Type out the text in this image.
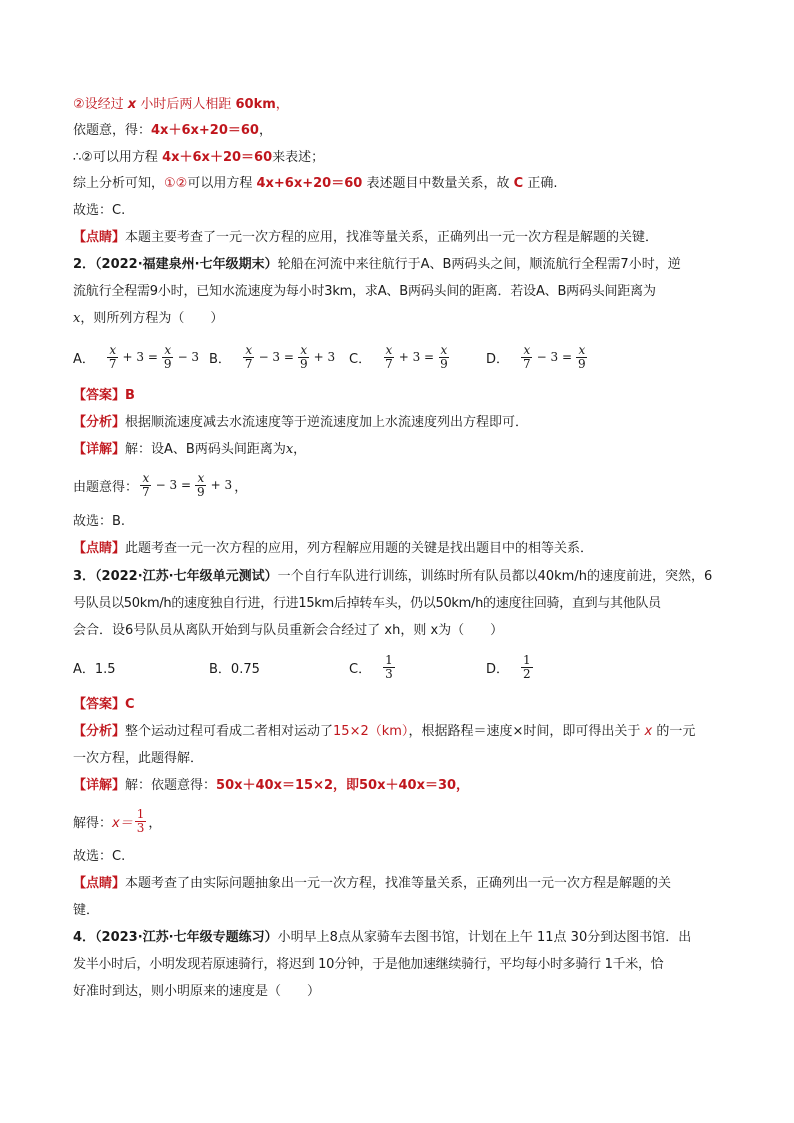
②设经过 x 小时后两人相距 60km，
依题意，得：4x＋6x+20＝60，
∴②可以用方程 4x＋6x＋20＝60来表述；
综上分析可知，①②可以用方程 4x+6x+20＝60 表述题目中数量关系，故 C 正确.
故选：C.
【点睛】本题主要考查了一元一次方程的应用，找准等量关系，正确列出一元一次方程是解题的关键．
2．（2022·福建泉州·七年级期末）轮船在河流中来往航行于A、B两码头之间，顺流航行全程需7小时，逆
流航行全程需9小时，已知水流速度为每小时3km，求A、B两码头间的距离．若设A、B两码头间距离为
x，则所列方程为（　　）
A． $\frac{x}{7} + 3 = \frac{x}{9} - 3$ B． $\frac{x}{7} - 3 = \frac{x}{9} + 3$ C． $\frac{x}{7} + 3 = \frac{x}{9}$	D． $\frac{x}{7} - 3 = \frac{x}{9}$
【答案】B
【分析】根据顺流速度减去水流速度等于逆流速度加上水流速度列出方程即可．
【详解】解：设A、B两码头间距离为x，
由题意得： $\frac{x}{7} - 3 = \frac{x}{9} + 3$ ，
故选：B.
【点睛】此题考查一元一次方程的应用，列方程解应用题的关键是找出题目中的相等关系．
3．（2022·江苏·七年级单元测试）一个自行车队进行训练，训练时所有队员都以40km/h的速度前进，突然，6
号队员以50km/h的速度独自行进，行进15km后掉转车头，仍以50km/h的速度往回骑，直到与其他队员
会合．设6号队员从离队开始到与队员重新会合经过了 xh，则 x为（　　）
A．1.5	B．0.75	C． $\frac{1}{3}$	D． $\frac{1}{2}$
【答案】C
【分析】整个运动过程可看成二者相对运动了15×2（km），根据路程＝速度×时间，即可得出关于 x 的一元
一次方程，此题得解．
【详解】解：依题意得：50x＋40x＝15×2，即50x＋40x＝30，
解得： $x= \frac{1}{3}$ ，
故选：C.
【点睛】本题考查了由实际问题抽象出一元一次方程，找准等量关系，正确列出一元一次方程是解题的关
键．
4．（2023·江苏·七年级专题练习）小明早上8点从家骑车去图书馆，计划在上午 11点 30分到达图书馆．出
发半小时后，小明发现若原速骑行，将迟到 10分钟，于是他加速继续骑行，平均每小时多骑行 1千米，恰
好准时到达，则小明原来的速度是（　　）
